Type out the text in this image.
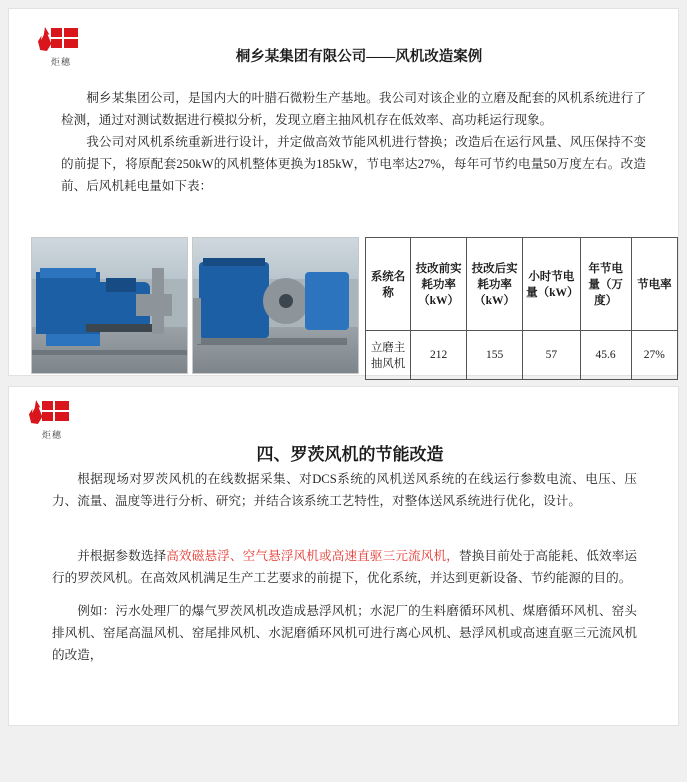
炬穗	桐乡某集团有限公司——风机改造案例
桐乡某集团公司，是国内大的叶腊石微粉生产基地。我公司对该企业的立磨及配套的风机系统进行了检测，通过对测试数据进行模拟分析，发现立磨主抽风机存在低效率、高功耗运行现象。
我公司对风机系统重新进行设计，并定做高效节能风机进行替换；改造后在运行风量、风压保持不变的前提下，将原配套250kW的风机整体更换为185kW，节电率达27%，每年可节约电量50万度左右。改造前、后风机耗电量如下表：
系统名称	技改前实耗功率（kW）	技改后实耗功率（kW）	小时节电量（kW）	年节电量（万度）	节电率
立磨主抽风机	212	155	57	45.6	27%
炬穗
四、罗茨风机的节能改造
根据现场对罗茨风机的在线数据采集、对DCS系统的风机送风系统的在线运行参数电流、电压、压力、流量、温度等进行分析、研究；并结合该系统工艺特性，对整体送风系统进行优化，设计。
并根据参数选择高效磁悬浮、空气悬浮风机或高速直驱三元流风机，替换目前处于高能耗、低效率运行的罗茨风机。在高效风机满足生产工艺要求的前提下，优化系统，并达到更新设备、节约能源的目的。
例如：污水处理厂的爆气罗茨风机改造成悬浮风机；水泥厂的生料磨循环风机、煤磨循环风机、窑头排风机、窑尾高温风机、窑尾排风机、水泥磨循环风机可进行离心风机、悬浮风机或高速直驱三元流风机的改造，
